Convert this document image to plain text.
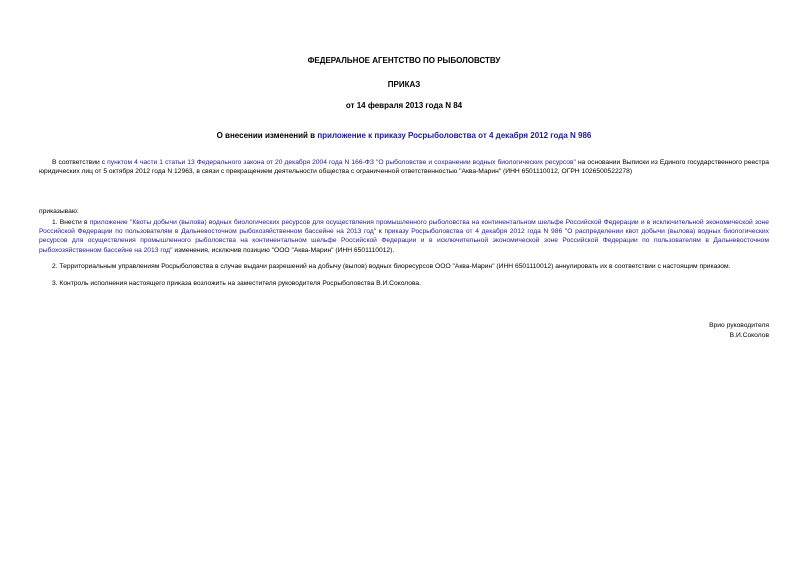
ФЕДЕРАЛЬНОЕ АГЕНТСТВО ПО РЫБОЛОВСТВУ

ПРИКАЗ

от 14 февраля 2013 года N 84

О внесении изменений в приложение к приказу Росрыболовства от 4 декабря 2012 года N 986

В соответствии с пунктом 4 части 1 статьи 13 Федерального закона от 20 декабря 2004 года N 166-ФЗ "О рыболовстве и сохранении водных биологических ресурсов" на основании Выписки из Единого государственного реестра юридических лиц от 5 октября 2012 года N 12963, в связи с прекращением деятельности общества с ограниченной ответственностью "Аква-Марин" (ИНН 6501110012, ОГРН 1026500522278)

приказываю:

1. Внести в приложение "Квоты добычи (вылова) водных биологических ресурсов для осуществления промышленного рыболовства на континентальном шельфе Российской Федерации и в исключительной экономической зоне Российской Федерации по пользователям в Дальневосточном рыбохозяйственном бассейне на 2013 год" к приказу Росрыболовства от 4 декабря 2012 года N 986 "О распределении квот добычи (вылова) водных биологических ресурсов для осуществления промышленного рыболовства на континентальном шельфе Российской Федерации и в исключительной экономической зоне Российской Федерации по пользователям в Дальневосточном рыбохозяйственном бассейне на 2013 год" изменения, исключив позицию "ООО "Аква-Марин" (ИНН 6501110012).

2. Территориальным управлениям Росрыболовства в случае выдачи разрешений на добычу (вылов) водных биоресурсов ООО "Аква-Марин" (ИНН 6501110012) аннулировать их в соответствии с настоящим приказом.

3. Контроль исполнения настоящего приказа возложить на заместителя руководителя Росрыболовства В.И.Соколова.

Врио руководителя
В.И.Соколов
